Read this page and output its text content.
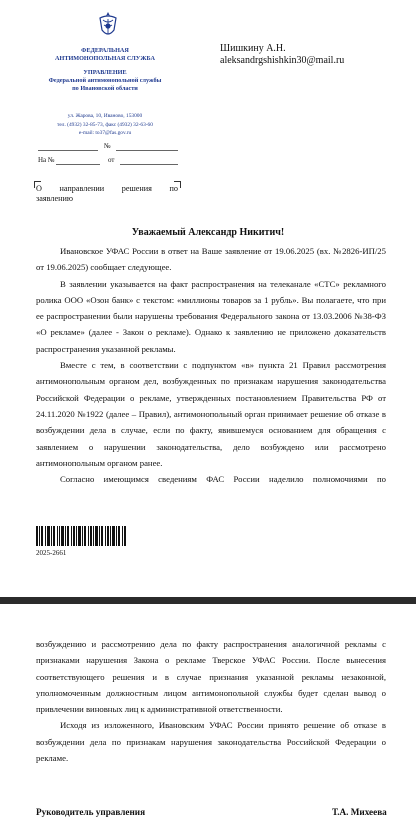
ФЕДЕРАЛЬНАЯ
АНТИМОНОПОЛЬНАЯ СЛУЖБА
УПРАВЛЕНИЕ
Федеральной антимонопольной службы
по Ивановской области
ул. Жарова, 10, Иваново, 153000
тел. (4932) 32-85-73, факс (4932) 32-63-60
e-mail: to37@fas.gov.ru
№
На №	от
Шишкину А.Н.
aleksandrgshishkin30@mail.ru
О направлении решения по
заявлению
Уважаемый Александр Никитич!

Ивановское УФАС России в ответ на Ваше заявление от 19.06.2025 (вх. №2826-ИП/25 от 19.06.2025) сообщает следующее.

В заявлении указывается на факт распространения на телеканале «СТС» рекламного ролика ООО «Озон банк» с текстом: «миллионы товаров за 1 рубль». Вы полагаете, что при ее распространении были нарушены требования Федерального закона от 13.03.2006 №38-ФЗ «О рекламе» (далее - Закон о рекламе). Однако к заявлению не приложено доказательств распространения указанной рекламы.

Вместе с тем, в соответствии с подпунктом «в» пункта 21 Правил рассмотрения антимонопольным органом дел, возбужденных по признакам нарушения законодательства Российской Федерации о рекламе, утвержденных постановлением Правительства РФ от 24.11.2020 №1922 (далее – Правил), антимонопольный орган принимает решение об отказе в возбуждении дела в случае, если по факту, явившемуся основанием для обращения с заявлением о нарушении законодательства, дело возбуждено или рассмотрено антимонопольным органом ранее.

Согласно имеющимся сведениям ФАС России наделило полномочиями по

2025-2661

возбуждению и рассмотрению дела по факту распространения аналогичной рекламы с признаками нарушения Закона о рекламе Тверское УФАС России. После вынесения соответствующего решения и в случае признания указанной рекламы незаконной, уполномоченным должностным лицом антимонопольной службы будет сделан вывод о привлечении виновных лиц к административной ответственности.

Исходя из изложенного, Ивановским УФАС России принято решение об отказе в возбуждении дела по признакам нарушения законодательства Российской Федерации о рекламе.

Руководитель управления	Т.А. Михеева
